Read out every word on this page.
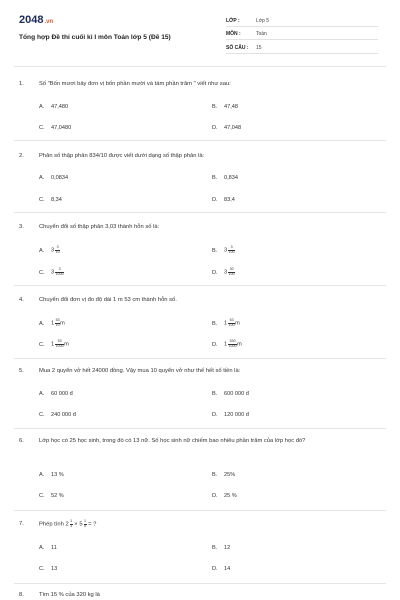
2048.vn
Tổng hợp Đề thi cuối kì I môn Toán lớp 5 (Đề 15)
LỚP :	Lớp 5
MÔN :	Toán
SỐ CÂU : 15
1.	Số "Bốn mươi bảy đơn vị bốn phần mười và tám phần trăm " viết như sau:
A. 47,480	B. 47,48
C. 47,0480	D. 47,048
2.	Phân số thập phân 834/10 được viết dưới dạng số thập phân là:
A. 0,0834	B. 0,834
C. 8,34	D. 83,4
3.	Chuyển đổi số thập phân 3,03 thành hỗn số là:
A. $3 \frac{3}{10}$	B. $3 \frac{3}{100}$
C. $3 \frac{3}{1000}$	D. $3 \frac{30}{100}$
4.	Chuyển đổi đơn vị đo độ dài 1 m 53 cm thành hỗn số.
A. $1 \frac{53}{10}$ m	B. $1 \frac{53}{100}$ m
C. $1 \frac{53}{1000}$ m	D. $1 \frac{530}{1000}$ m
5.	Mua 2 quyển vở hết 24000 đồng. Vậy mua 10 quyển vở như thế hết số tiền là:
A. 60 000 đ	B. 600 000 đ
C. 240 000 đ	D. 120 000 đ
6.	Lớp học có 25 học sinh, trong đó có 13 nữ. Số học sinh nữ chiếm bao nhiêu phần trăm của lớp học đó?
A. 13 %	B. 25%
C. 52 %	D. 25 %
7.	Phép tính $2 \frac{1}{3} \times 5 \frac{1}{5}$ = ?
A. 11	B. 12
C. 13	D. 14
8.	Tìm 15 % của 320 kg là
